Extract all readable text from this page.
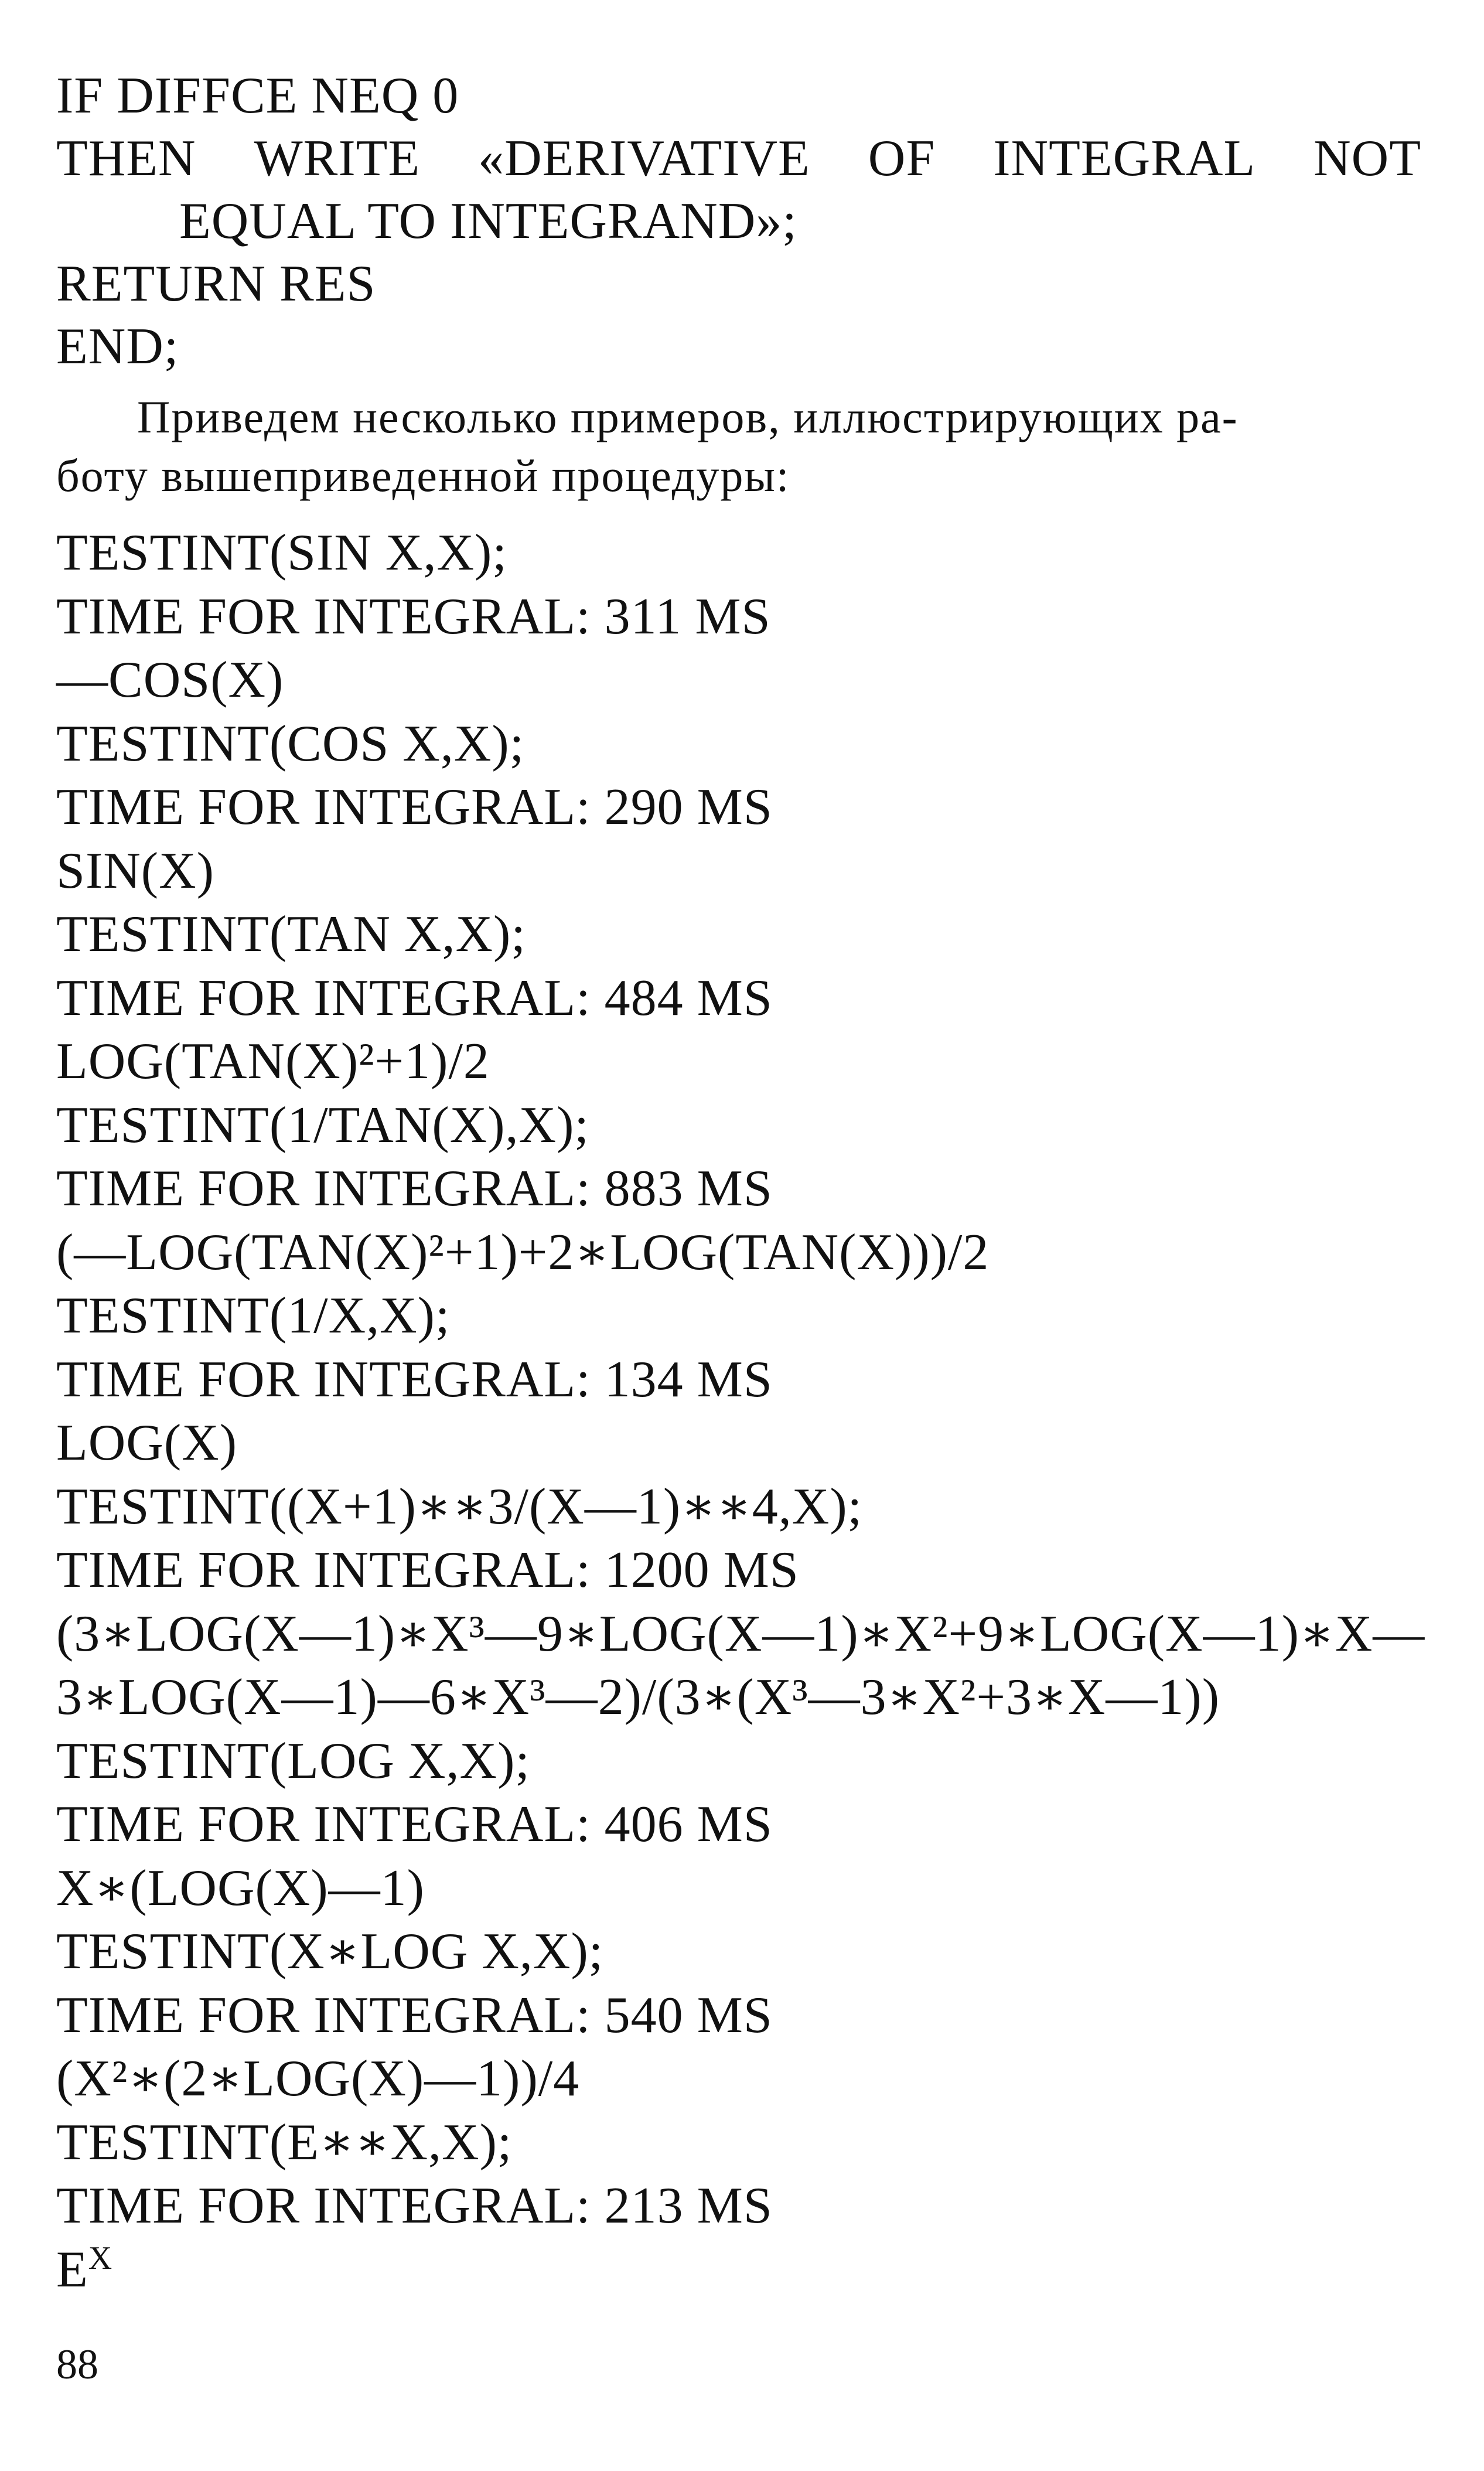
IF DIFFCE NEQ 0
THEN WRITE «DERIVATIVE OF INTEGRAL NOT
EQUAL TO INTEGRAND»;
RETURN RES
END;
Приведем несколько примеров, иллюстрирующих ра-
боту вышеприведенной процедуры:
TESTINT(SIN X,X);
TIME FOR INTEGRAL: 311 MS
—COS(X)
TESTINT(COS X,X);
TIME FOR INTEGRAL: 290 MS
SIN(X)
TESTINT(TAN X,X);
TIME FOR INTEGRAL: 484 MS
LOG(TAN(X)²+1)/2
TESTINT(1/TAN(X),X);
TIME FOR INTEGRAL: 883 MS
(—LOG(TAN(X)²+1)+2∗LOG(TAN(X)))/2
TESTINT(1/X,X);
TIME FOR INTEGRAL: 134 MS
LOG(X)
TESTINT((X+1)∗∗3/(X—1)∗∗4,X);
TIME FOR INTEGRAL: 1200 MS
(3∗LOG(X—1)∗X³—9∗LOG(X—1)∗X²+9∗LOG(X—1)∗X—
3∗LOG(X—1)—6∗X³—2)/(3∗(X³—3∗X²+3∗X—1))
TESTINT(LOG X,X);
TIME FOR INTEGRAL: 406 MS
X∗(LOG(X)—1)
TESTINT(X∗LOG X,X);
TIME FOR INTEGRAL: 540 MS
(X²∗(2∗LOG(X)—1))/4
TESTINT(E∗∗X,X);
TIME FOR INTEGRAL: 213 MS
$E^X$
88
